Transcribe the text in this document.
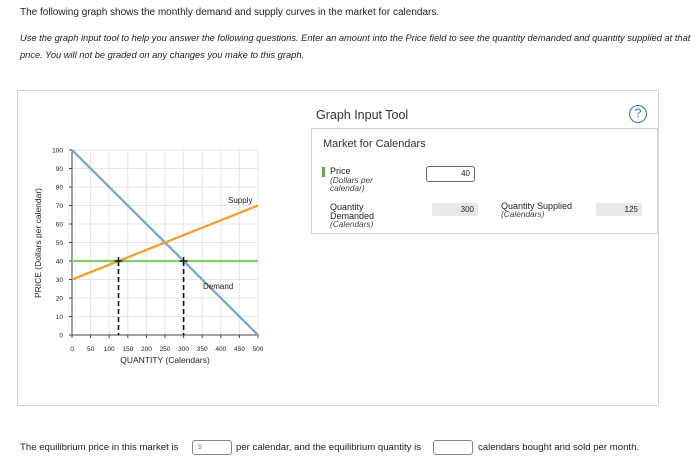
The following graph shows the monthly demand and supply curves in the market for calendars.
Use the graph input tool to help you answer the following questions. Enter an amount into the Price field to see the quantity demanded and quantity supplied at that price. You will not be graded on any changes you make to this graph.
PRICE (Dollars per calendar)
0
10
20
30
40
50
60
70
80
90
100
0 50 100 150 200 250 300 350 400 450 500
QUANTITY (Calendars)
Supply
Demand
Graph Input Tool	?
Market for Calendars
Price
(Dollars per calendar)
40
Quantity Demanded
(Calendars)
300	Quantity Supplied
(Calendars)	125
The equilibrium price in this market is	$	per calendar, and the equilibrium quantity is	calendars bought and sold per month.
